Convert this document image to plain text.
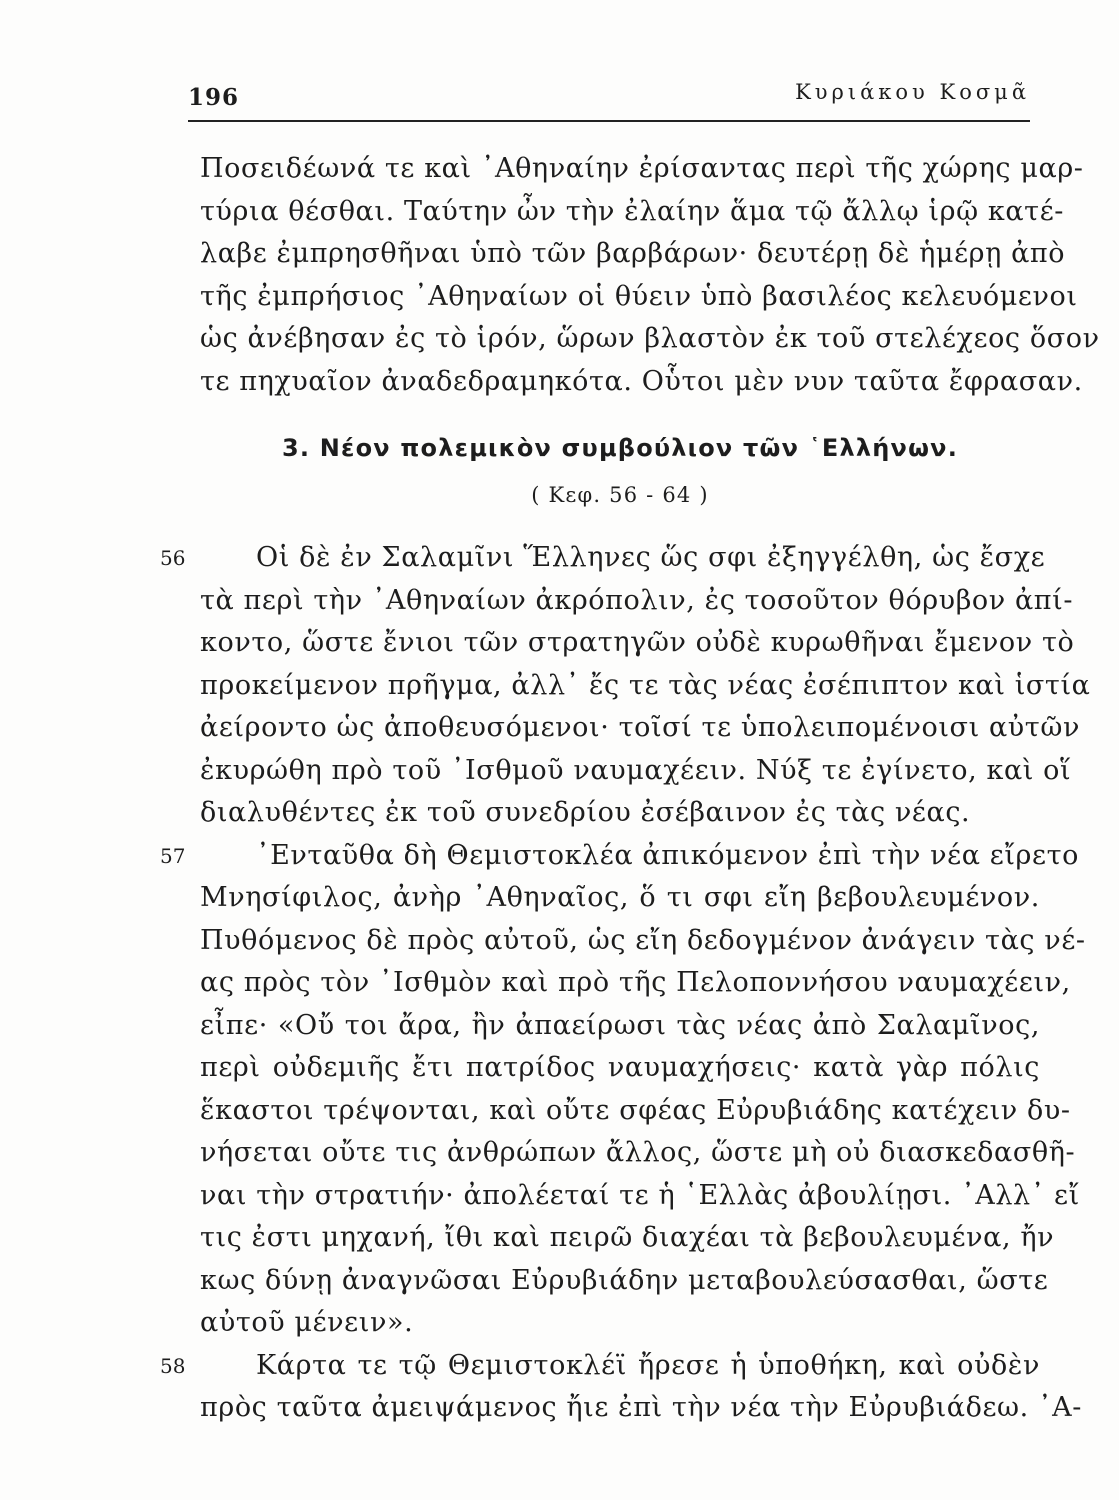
196	Κυριάκου Κοσμᾶ
Ποσειδέωνά τε καὶ ᾿Αθηναίην ἐρίσαντας περὶ τῆς χώρης μαρ-
τύρια θέσθαι. Ταύτην ὦν τὴν ἐλαίην ἅμα τῷ ἄλλῳ ἱρῷ κατέ-
λαβε ἐμπρησθῆναι ὑπὸ τῶν βαρβάρων· δευτέρῃ δὲ ἡμέρῃ ἀπὸ
τῆς ἐμπρήσιος ᾿Αθηναίων οἱ θύειν ὑπὸ βασιλέος κελευόμενοι
ὡς ἀνέβησαν ἐς τὸ ἱρόν, ὥρων βλαστὸν ἐκ τοῦ στελέχεος ὅσον
τε πηχυαῖον ἀναδεδραμηκότα. Οὗτοι μὲν νυν ταῦτα ἔφρασαν.
3. Νέον πολεμικὸν συμβούλιον τῶν ῾Ελλήνων.
( Κεφ. 56 - 64 )
56	Οἱ δὲ ἐν Σαλαμῖνι Ἕλληνες ὥς σφι ἐξηγγέλθη, ὡς ἔσχε
τὰ περὶ τὴν ᾿Αθηναίων ἀκρόπολιν, ἐς τοσοῦτον θόρυβον ἀπί-
κοντο, ὥστε ἔνιοι τῶν στρατηγῶν οὐδὲ κυρωθῆναι ἔμενον τὸ
προκείμενον πρῆγμα, ἀλλ᾿ ἔς τε τὰς νέας ἐσέπιπτον καὶ ἱστία
ἀείροντο ὡς ἀποθευσόμενοι· τοῖσί τε ὑπολειπομένοισι αὐτῶν
ἐκυρώθη πρὸ τοῦ ᾿Ισθμοῦ ναυμαχέειν. Νύξ τε ἐγίνετο, καὶ οἵ
διαλυθέντες ἐκ τοῦ συνεδρίου ἐσέβαινον ἐς τὰς νέας.
57	᾿Ενταῦθα δὴ Θεμιστοκλέα ἀπικόμενον ἐπὶ τὴν νέα εἴρετο
Μνησίφιλος, ἀνὴρ ᾿Αθηναῖος, ὅ τι σφι εἴη βεβουλευμένον.
Πυθόμενος δὲ πρὸς αὐτοῦ, ὡς εἴη δεδογμένον ἀνάγειν τὰς νέ-
ας πρὸς τὸν ᾿Ισθμὸν καὶ πρὸ τῆς Πελοποννήσου ναυμαχέειν,
εἶπε· «Οὔ τοι ἄρα, ἢν ἀπαείρωσι τὰς νέας ἀπὸ Σαλαμῖνος,
περὶ οὐδεμιῆς ἔτι πατρίδος ναυμαχήσεις· κατὰ γὰρ πόλις
ἕκαστοι τρέψονται, καὶ οὔτε σφέας Εὐρυβιάδης κατέχειν δυ-
νήσεται οὔτε τις ἀνθρώπων ἄλλος, ὥστε μὴ οὐ διασκεδασθῆ-
ναι τὴν στρατιήν· ἀπολέεταί τε ἡ ῾Ελλὰς ἀβουλίῃσι. ᾿Αλλ᾿ εἴ
τις ἐστι μηχανή, ἴθι καὶ πειρῶ διαχέαι τὰ βεβουλευμένα, ἤν
κως δύνῃ ἀναγνῶσαι Εὐρυβιάδην μεταβουλεύσασθαι, ὥστε
αὐτοῦ μένειν».
58	Κάρτα τε τῷ Θεμιστοκλέϊ ἤρεσε ἡ ὑποθήκη, καὶ οὐδὲν
πρὸς ταῦτα ἀμειψάμενος ἤιε ἐπὶ τὴν νέα τὴν Εὐρυβιάδεω. ᾿Α-
